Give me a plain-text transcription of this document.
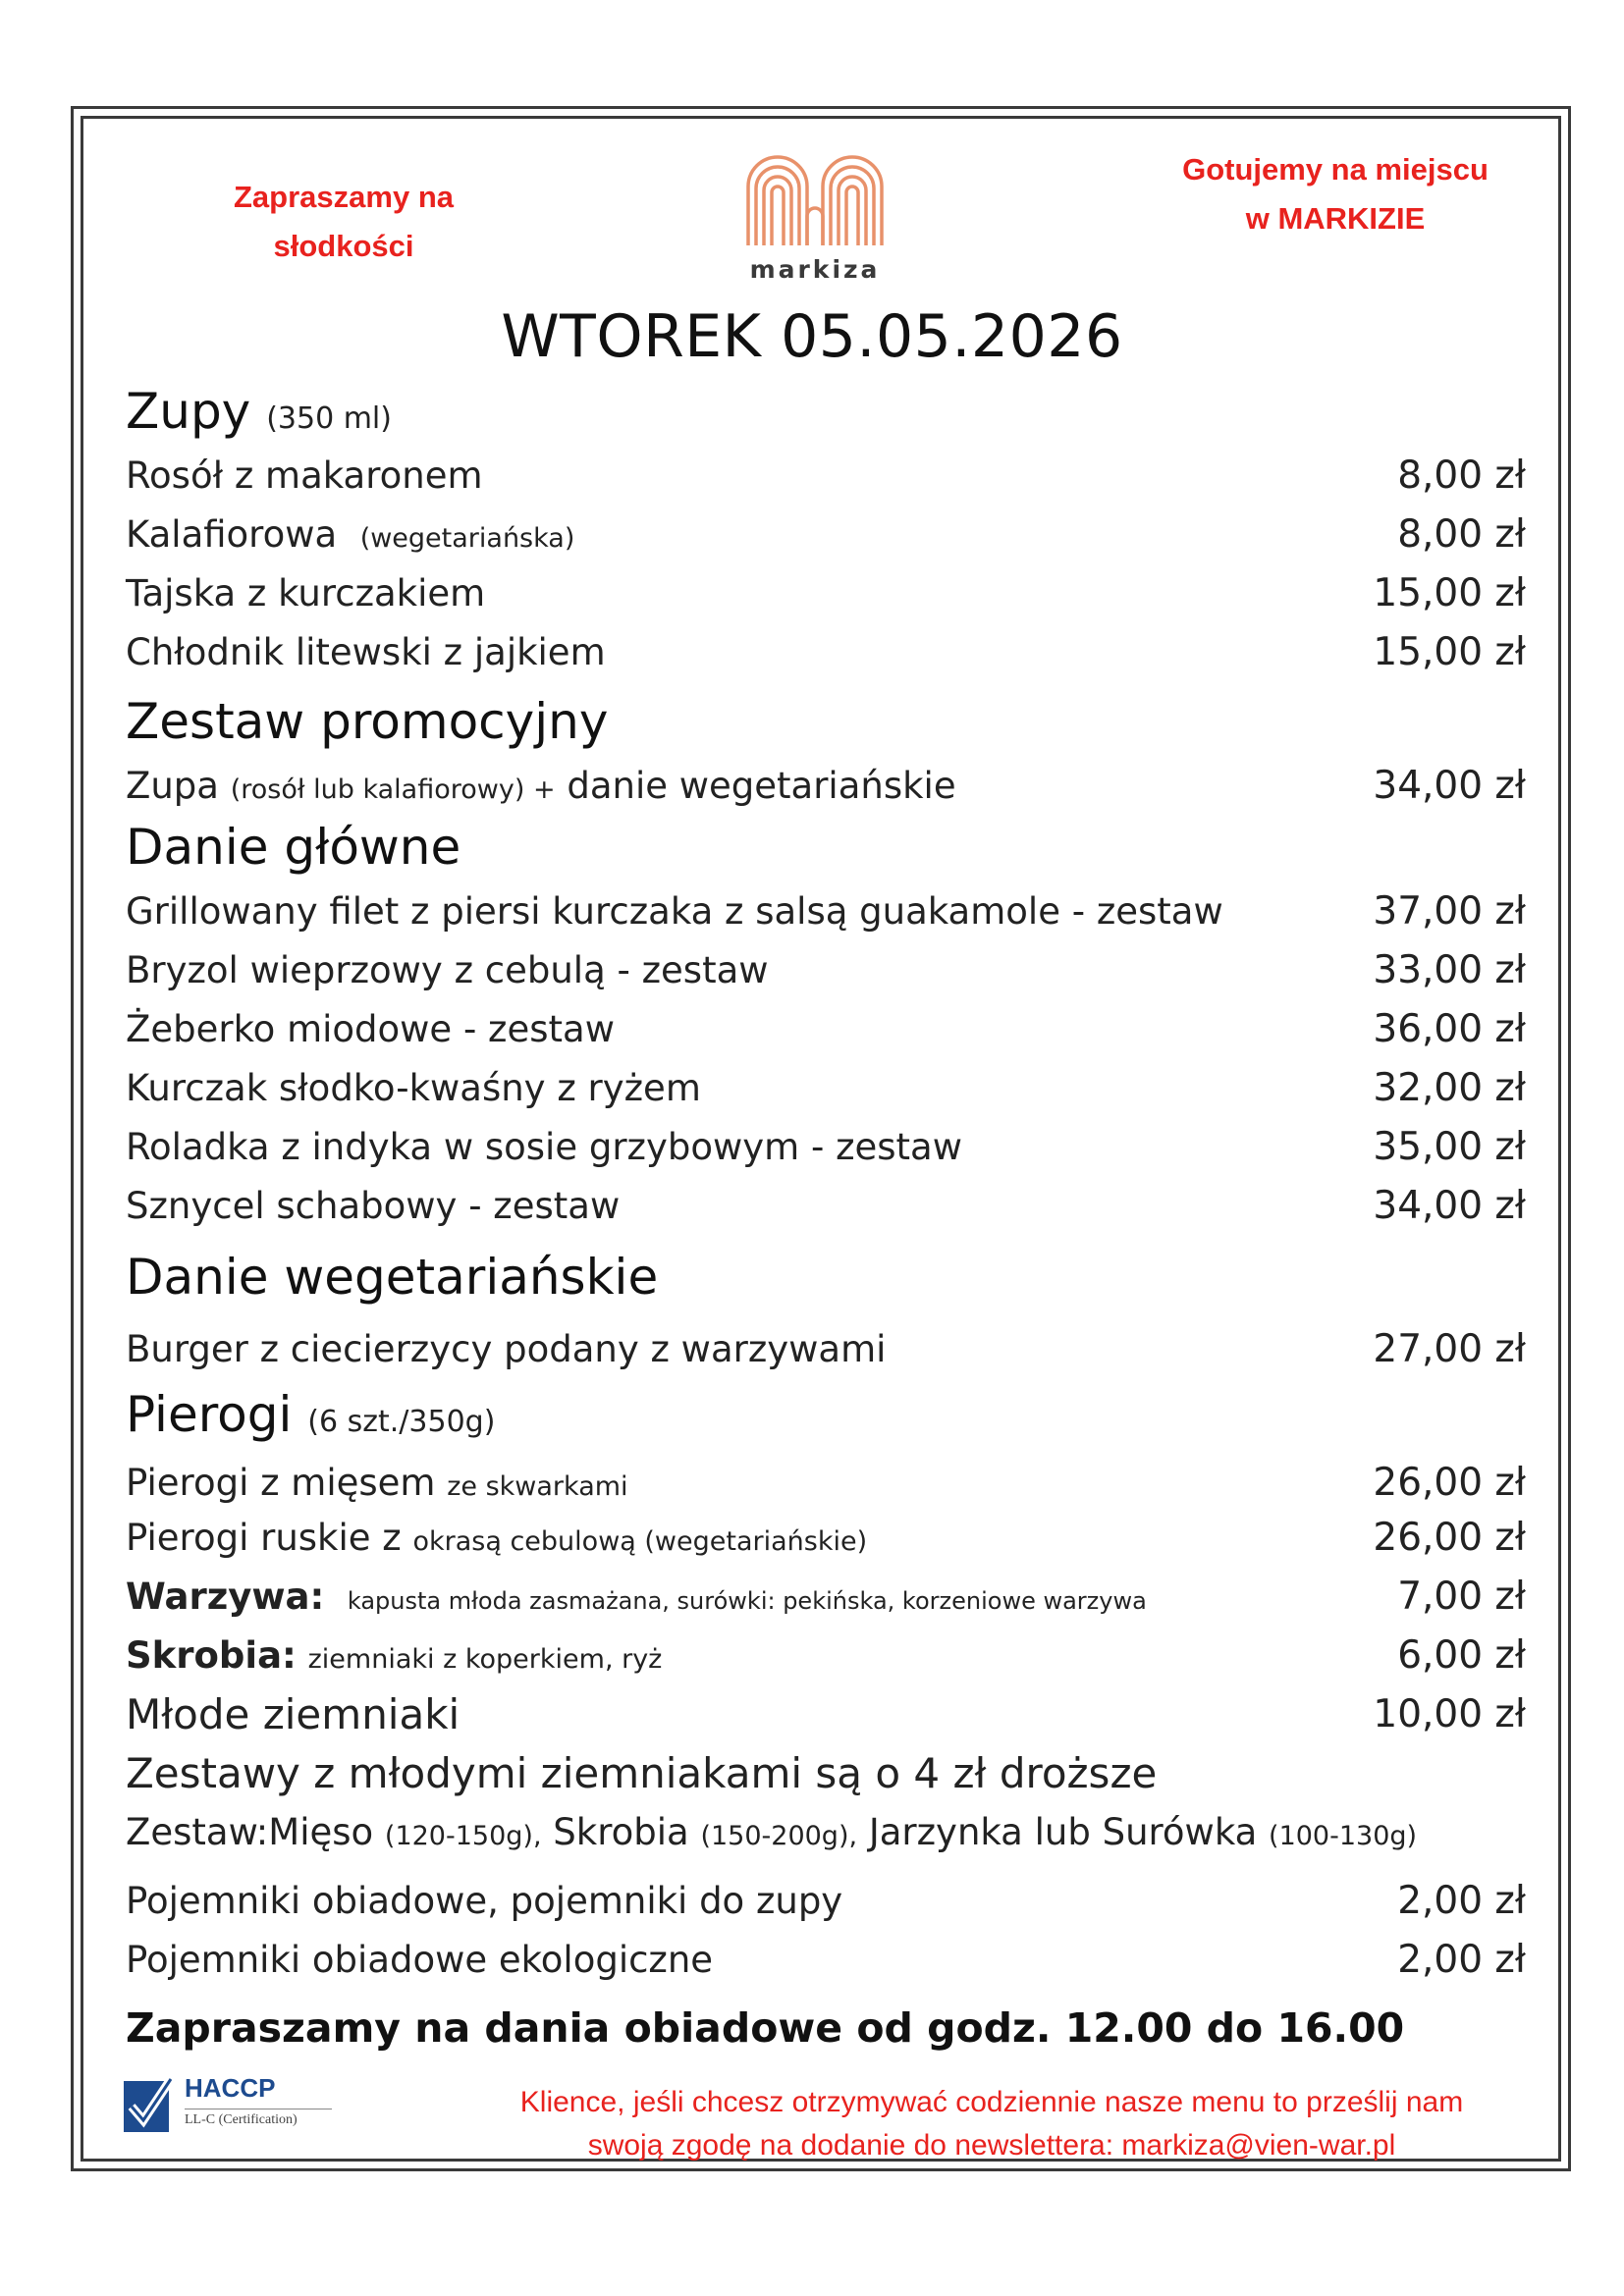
Zapraszamy na
słodkości
markiza
Gotujemy na miejscu
w MARKIZIE
WTOREK 05.05.2026
Zupy (350 ml)
Rosół z makaronem	8,00 zł
Kalafiorowa (wegetariańska)	8,00 zł
Tajska z kurczakiem	15,00 zł
Chłodnik litewski z jajkiem	15,00 zł
Zestaw promocyjny
Zupa (rosół lub kalafiorowy) + danie wegetariańskie	34,00 zł
Danie główne
Grillowany filet z piersi kurczaka z salsą guakamole - zestaw	37,00 zł
Bryzol wieprzowy z cebulą - zestaw	33,00 zł
Żeberko miodowe - zestaw	36,00 zł
Kurczak słodko-kwaśny z ryżem	32,00 zł
Roladka z indyka w sosie grzybowym - zestaw	35,00 zł
Sznycel schabowy - zestaw	34,00 zł
Danie wegetariańskie
Burger z ciecierzycy podany z warzywami	27,00 zł
Pierogi (6 szt./350g)
Pierogi z mięsem ze skwarkami	26,00 zł
Pierogi ruskie z okrasą cebulową (wegetariańskie)	26,00 zł
Warzywa: kapusta młoda zasmażana, surówki: pekińska, korzeniowe warzywa	7,00 zł
Skrobia: ziemniaki z koperkiem, ryż	6,00 zł
Młode ziemniaki	10,00 zł
Zestawy z młodymi ziemniakami są o 4 zł droższe
Zestaw:Mięso (120-150g), Skrobia (150-200g), Jarzynka lub Surówka (100-130g)
Pojemniki obiadowe, pojemniki do zupy	2,00 zł
Pojemniki obiadowe ekologiczne	2,00 zł
Zapraszamy na dania obiadowe od godz. 12.00 do 16.00
HACCP
LL-C (Certification)
Klience, jeśli chcesz otrzymywać codziennie nasze menu to prześlij nam
swoją zgodę na dodanie do newslettera: markiza@vien-war.pl
